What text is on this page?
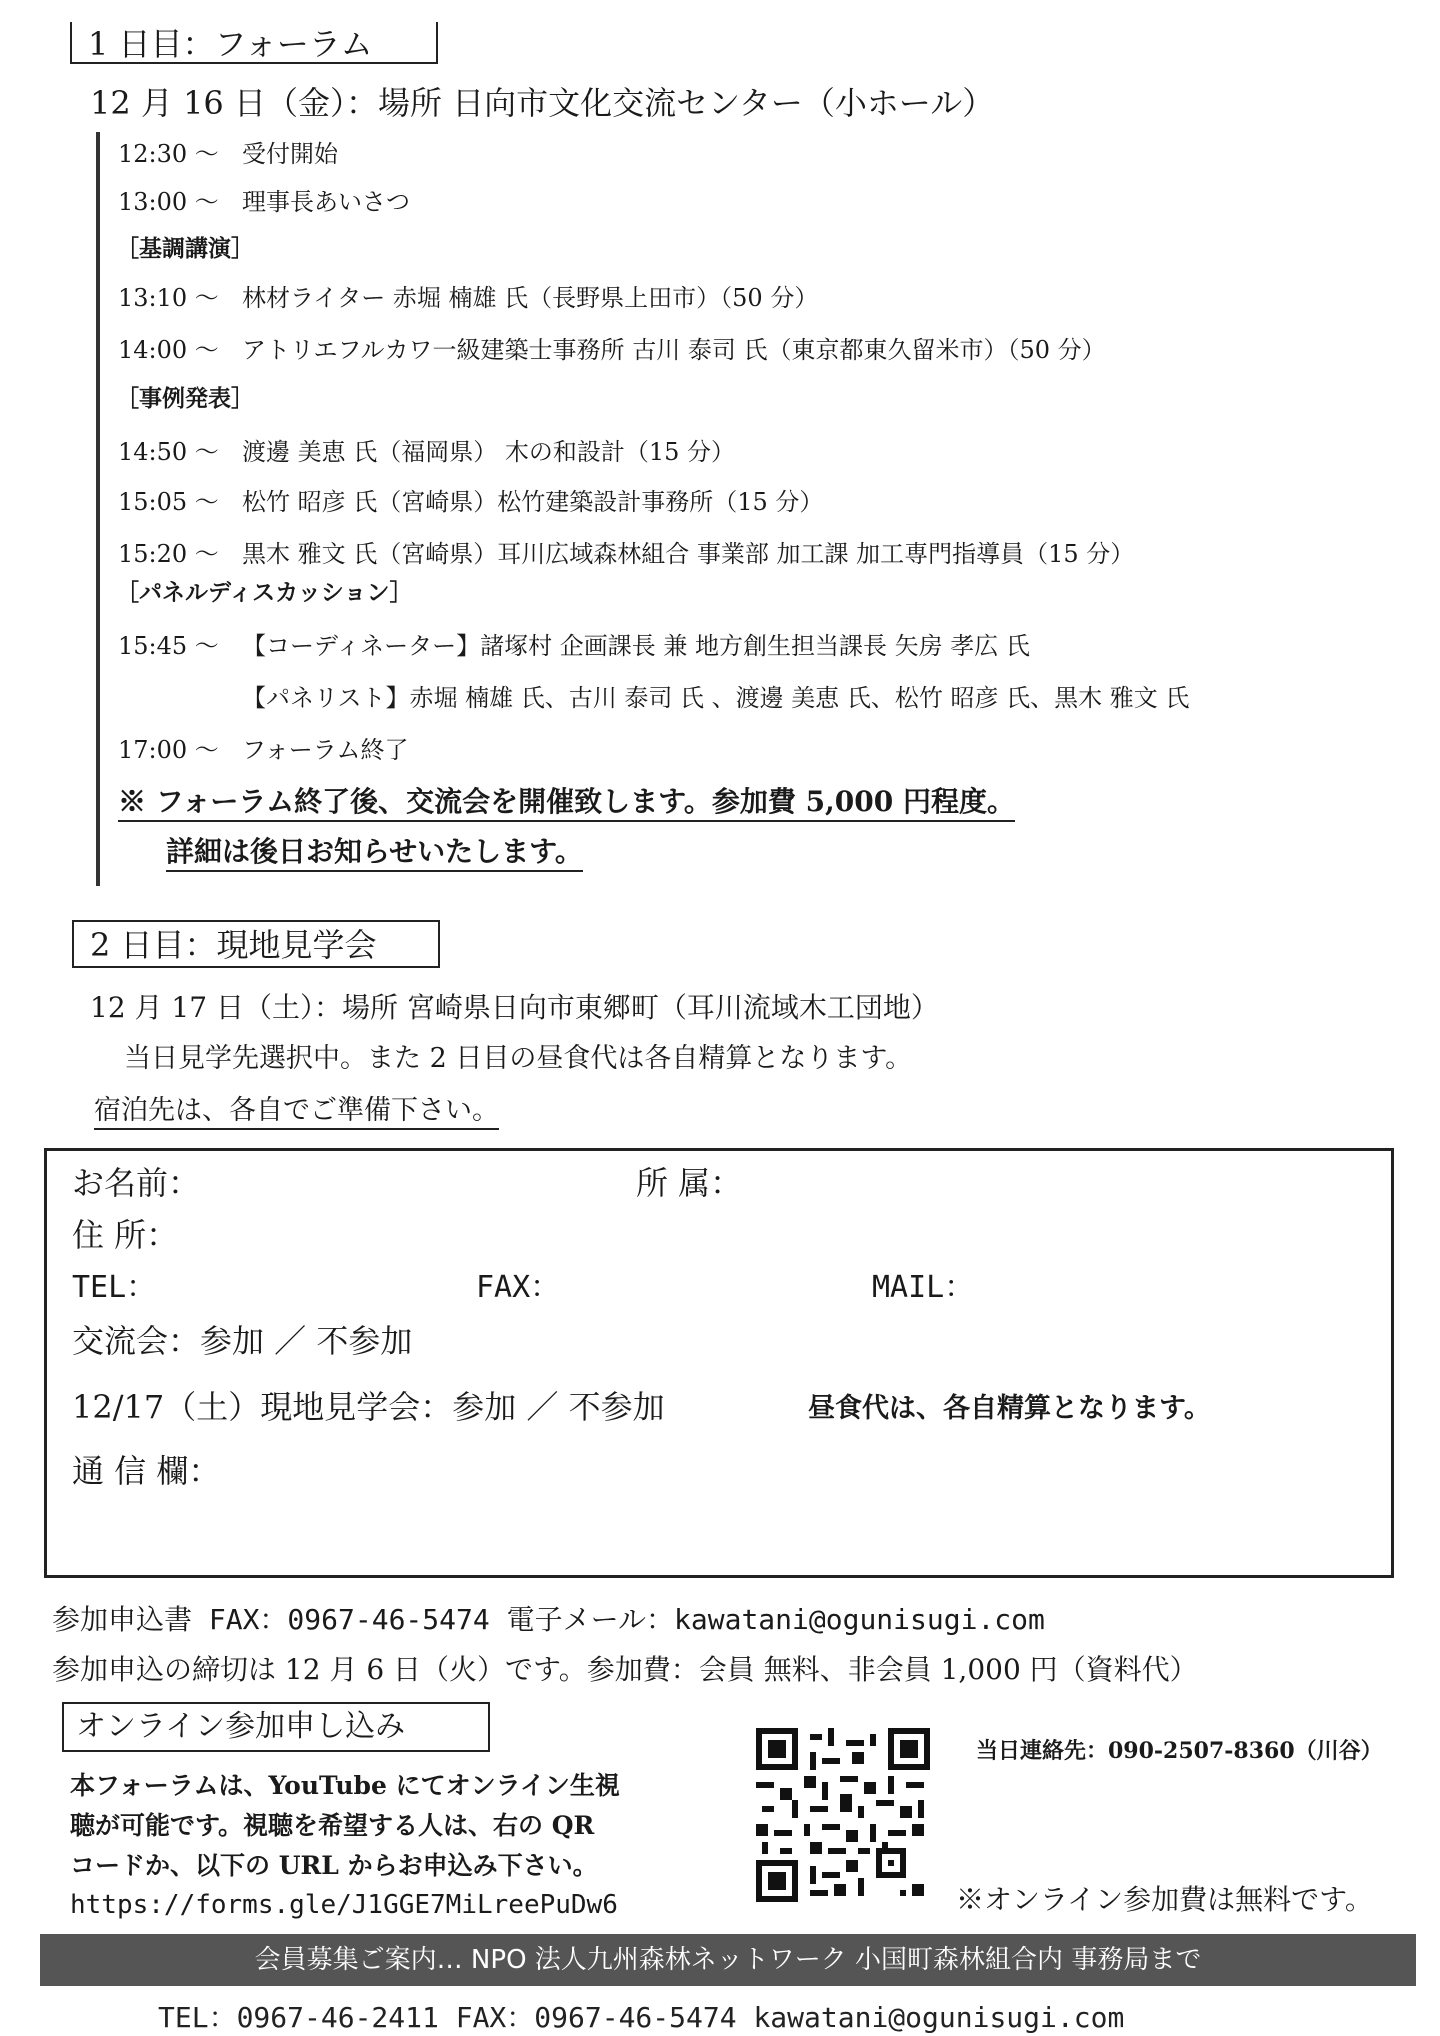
1 日目：フォーラム
12 月 16 日（金）：場所 日向市文化交流センター（小ホール）
12:30 〜 受付開始
13:00 〜 理事長あいさつ
［基調講演］
13:10 〜 林材ライター 赤堀 楠雄 氏（長野県上田市）（50 分）
14:00 〜 アトリエフルカワ一級建築士事務所 古川 泰司 氏（東京都東久留米市）（50 分）
［事例発表］
14:50 〜 渡邊 美恵 氏（福岡県） 木の和設計（15 分）
15:05 〜 松竹 昭彦 氏（宮崎県）松竹建築設計事務所（15 分）
15:20 〜 黒木 雅文 氏（宮崎県）耳川広域森林組合 事業部 加工課 加工専門指導員（15 分）
［パネルディスカッション］
15:45 〜 【コーディネーター】諸塚村 企画課長 兼 地方創生担当課長 矢房 孝広 氏
【パネリスト】赤堀 楠雄 氏、古川 泰司 氏 、渡邊 美恵 氏、松竹 昭彦 氏、黒木 雅文 氏
17:00 〜 フォーラム終了
※ フォーラム終了後、交流会を開催致します。参加費 5,000 円程度。
詳細は後日お知らせいたします。
2 日目：現地見学会
12 月 17 日（土）：場所 宮崎県日向市東郷町（耳川流域木工団地）
当日見学先選択中。また 2 日目の昼食代は各自精算となります。
宿泊先は、各自でご準備下さい。
お名前：	所 属：
住 所：
TEL：	FAX：	MAIL：
交流会：参加 ／ 不参加
12/17（土）現地見学会：参加 ／ 不参加	昼食代は、各自精算となります。
通 信 欄：
参加申込書 FAX：0967-46-5474 電子メール：kawatani@ogunisugi.com
参加申込の締切は 12 月 6 日（火）です。参加費：会員 無料、非会員 1,000 円（資料代）
オンライン参加申し込み
本フォーラムは、YouTube にてオンライン生視
聴が可能です。視聴を希望する人は、右の QR
コードか、以下の URL からお申込み下さい。
https://forms.gle/J1GGE7MiLreePuDw6
当日連絡先：090-2507-8360（川谷）
※オンライン参加費は無料です。
会員募集ご案内… NPO 法人九州森林ネットワーク 小国町森林組合内 事務局まで
TEL：0967-46-2411 FAX：0967-46-5474 kawatani@ogunisugi.com
